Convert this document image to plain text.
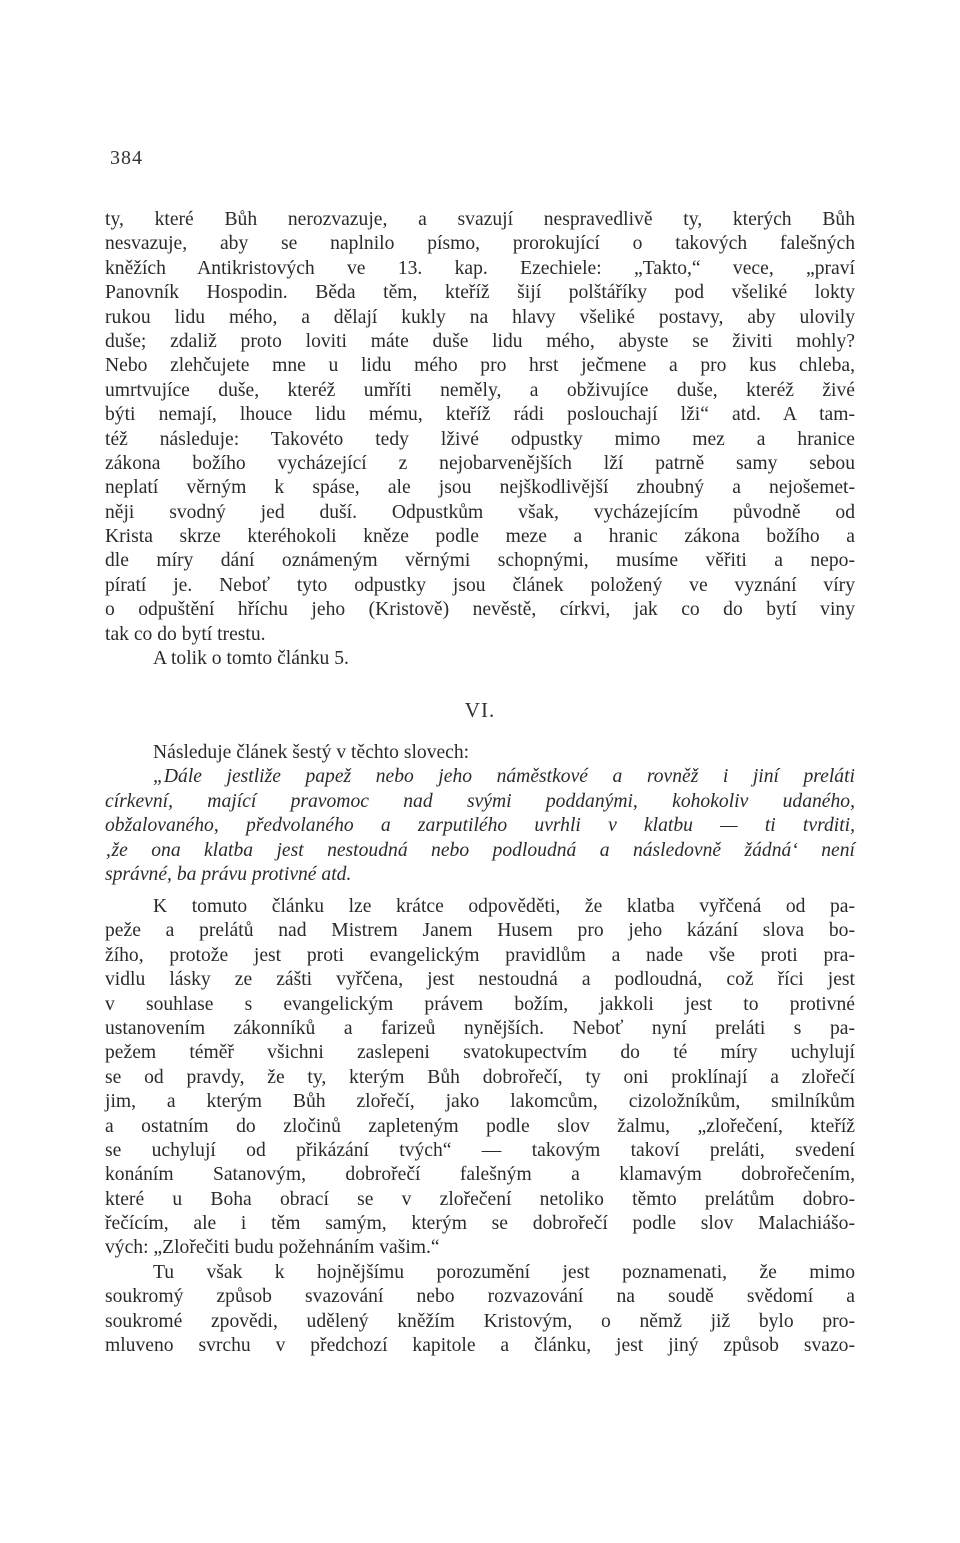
384
ty, které Bůh nerozvazuje, a svazují nespravedlivě ty, kterých Bůh
nesvazuje, aby se naplnilo písmo, prorokující o takových falešných
kněžích Antikristových ve 13. kap. Ezechiele: „Takto,“ vece, „praví
Panovník Hospodin. Běda těm, kteříž šijí polštáříky pod všeliké lokty
rukou lidu mého, a dělají kukly na hlavy všeliké postavy, aby ulovily
duše; zdaliž proto loviti máte duše lidu mého, abyste se živiti mohly?
Nebo zlehčujete mne u lidu mého pro hrst ječmene a pro kus chleba,
umrtvujíce duše, kteréž umříti neměly, a obživujíce duše, kteréž živé
býti nemají, lhouce lidu mému, kteříž rádi poslouchají lži“ atd. A tam-
též následuje: Takovéto tedy lživé odpustky mimo mez a hranice
zákona božího vycházející z nejobarvenějších lží patrně samy sebou
neplatí věrným k spáse, ale jsou nejškodlivější zhoubný a nejošemet-
něji svodný jed duší. Odpustkům však, vycházejícím původně od
Krista skrze kteréhokoli kněze podle meze a hranic zákona božího a
dle míry dání oznámeným věrnými schopnými, musíme věřiti a nepo-
píratí je. Neboť tyto odpustky jsou článek položený ve vyznání víry
o odpuštění hříchu jeho (Kristově) nevěstě, církvi, jak co do bytí viny
tak co do bytí trestu.
A tolik o tomto článku 5.
VI.
Následuje článek šestý v těchto slovech:
„Dále jestliže papež nebo jeho náměstkové a rovněž i jiní preláti
církevní, mající pravomoc nad svými poddanými, kohokoliv udaného,
obžalovaného, předvolaného a zarputilého uvrhli v klatbu — ti tvrditi,
‚že ona klatba jest nestoudná nebo podloudná a následovně žádná‘ není
správné, ba právu protivné atd.
K tomuto článku lze krátce odpověděti, že klatba vyřčená od pa-
peže a prelátů nad Mistrem Janem Husem pro jeho kázání slova bo-
žího, protože jest proti evangelickým pravidlům a nade vše proti pra-
vidlu lásky ze zášti vyřčena, jest nestoudná a podloudná, což říci jest
v souhlase s evangelickým právem božím, jakkoli jest to protivné
ustanovením zákonníků a farizeů nynějších. Neboť nyní preláti s pa-
pežem téměř všichni zaslepeni svatokupectvím do té míry uchylují
se od pravdy, že ty, kterým Bůh dobrořečí, ty oni proklínají a zlořečí
jim, a kterým Bůh zlořečí, jako lakomcům, cizoložníkům, smilníkům
a ostatním do zločinů zapleteným podle slov žalmu, „zlořečení, kteříž
se uchylují od přikázání tvých“ — takovým takoví preláti, svedení
konáním Satanovým, dobrořečí falešným a klamavým dobrořečením,
které u Boha obrací se v zlořečení netoliko těmto prelátům dobro-
řečícím, ale i těm samým, kterým se dobrořečí podle slov Malachiášo-
vých: „Zlořečiti budu požehnáním vašim.“
Tu však k hojnějšímu porozumění jest poznamenati, že mimo
soukromý způsob svazování nebo rozvazování na soudě svědomí a
soukromé zpovědi, udělený kněžím Kristovým, o němž již bylo pro-
mluveno svrchu v předchozí kapitole a článku, jest jiný způsob svazo-
